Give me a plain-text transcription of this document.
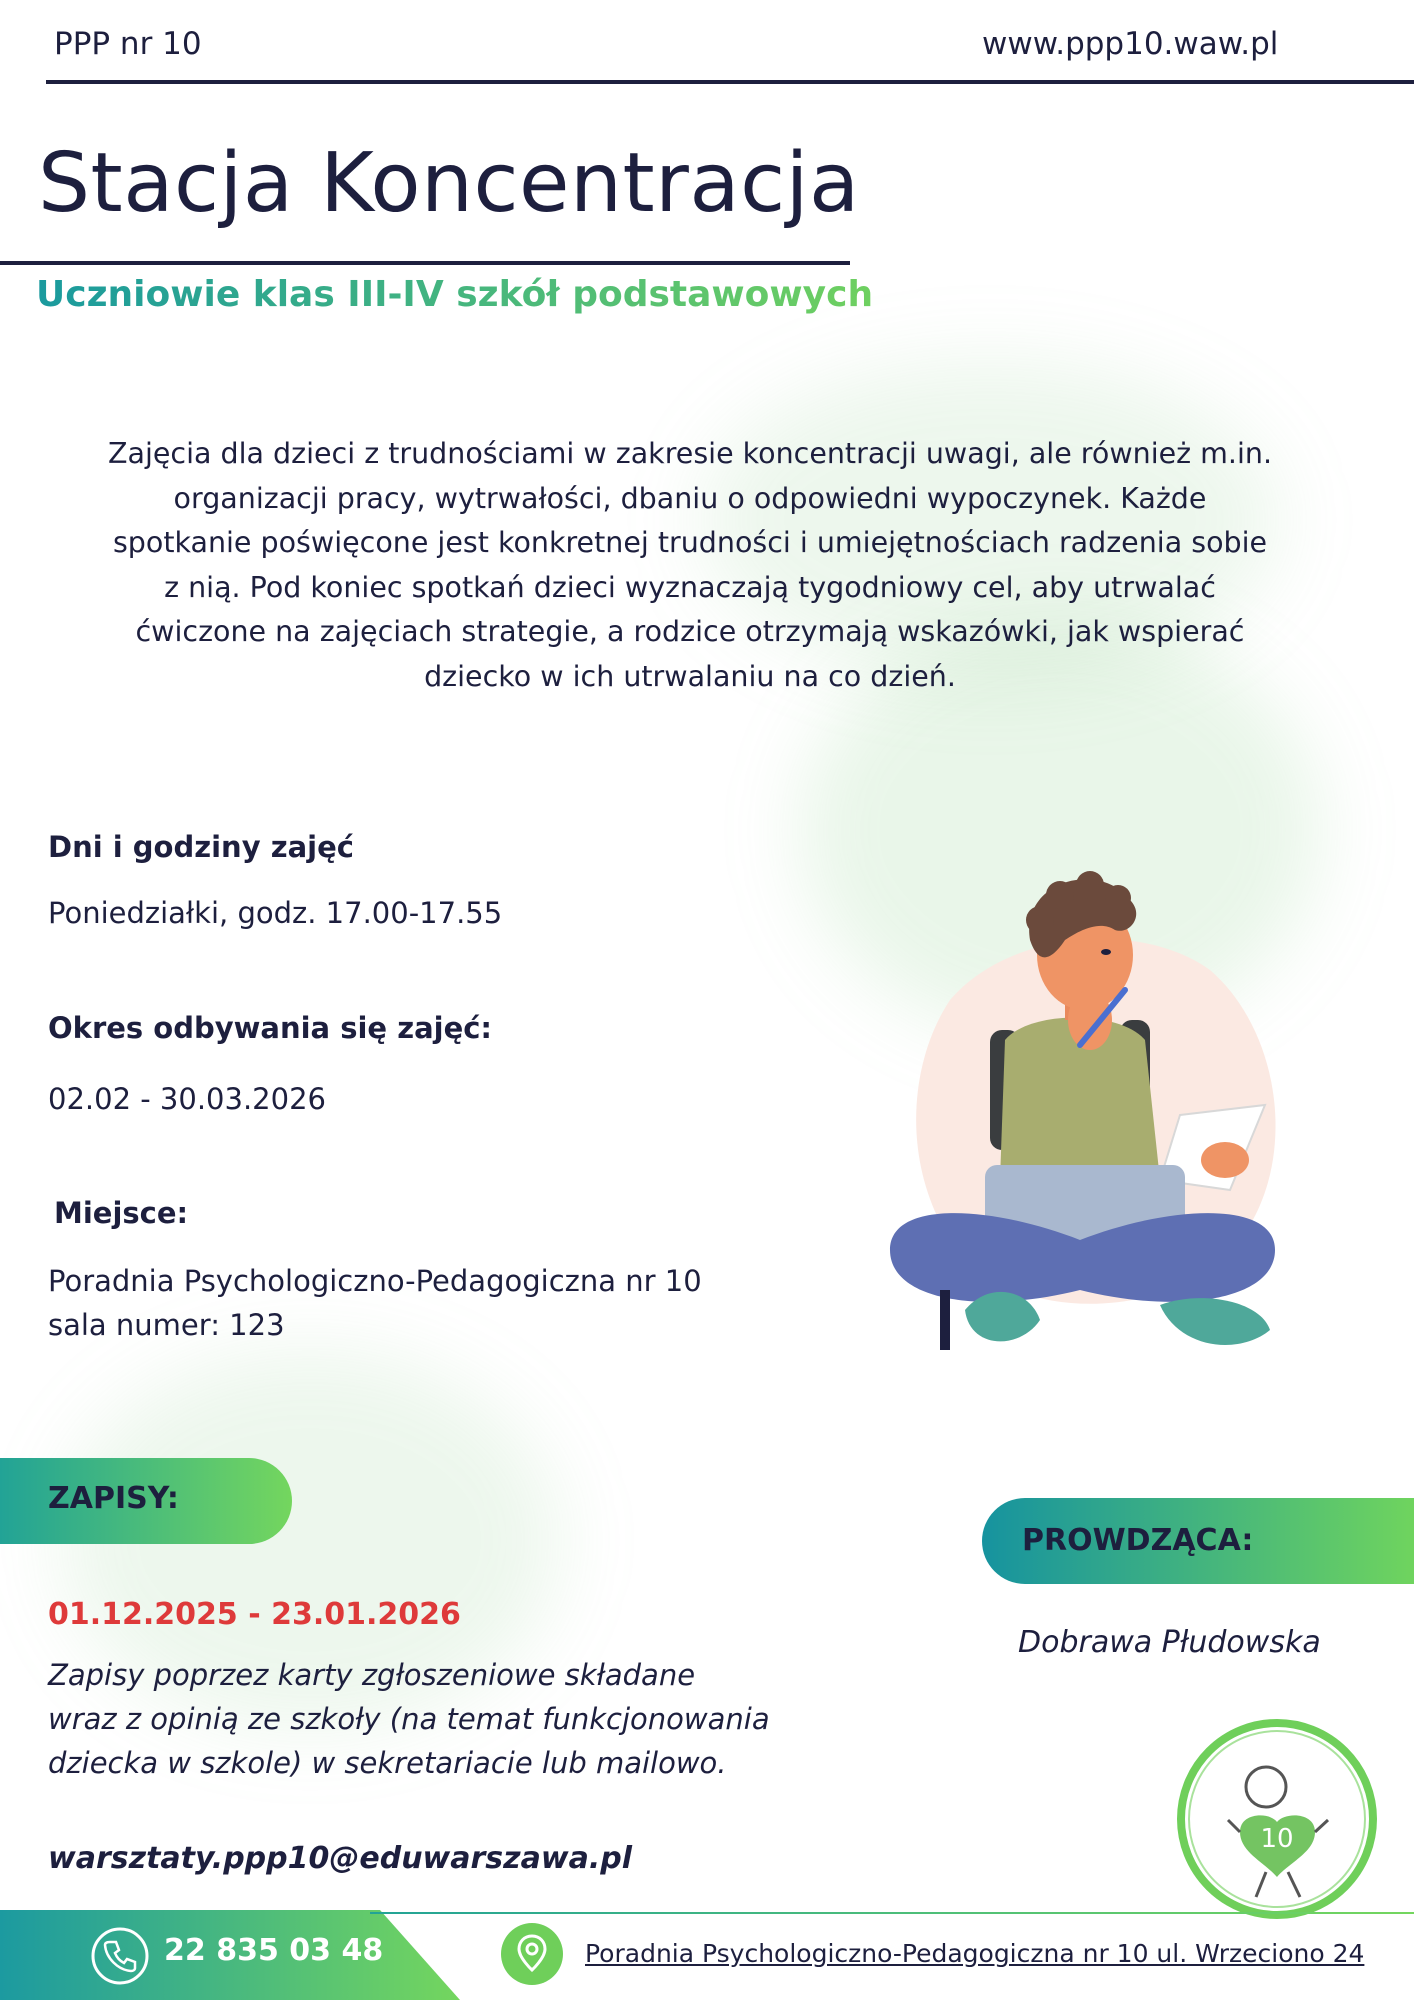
PPP nr 10	www.ppp10.waw.pl
Stacja Koncentracja
Uczniowie klas III-IV szkół podstawowych
Zajęcia dla dzieci z trudnościami w zakresie koncentracji uwagi, ale również m.in.
organizacji pracy, wytrwałości, dbaniu o odpowiedni wypoczynek. Każde
spotkanie poświęcone jest konkretnej trudności i umiejętnościach radzenia sobie
z nią. Pod koniec spotkań dzieci wyznaczają tygodniowy cel, aby utrwalać
ćwiczone na zajęciach strategie, a rodzice otrzymają wskazówki, jak wspierać
dziecko w ich utrwalaniu na co dzień.
Dni i godziny zajęć
Poniedziałki, godz. 17.00-17.55
Okres odbywania się zajęć:
02.02 - 30.03.2026
Miejsce:
Poradnia Psychologiczno-Pedagogiczna nr 10
sala numer: 123
ZAPISY:
01.12.2025 - 23.01.2026
Zapisy poprzez karty zgłoszeniowe składane
wraz z opinią ze szkoły (na temat funkcjonowania
dziecka w szkole) w sekretariacie lub mailowo.
warsztaty.ppp10@eduwarszawa.pl
PROWDZĄCA:
Dobrawa Płudowska
10
22 835 03 48	Poradnia Psychologiczno-Pedagogiczna nr 10 ul. Wrzeciono 24
